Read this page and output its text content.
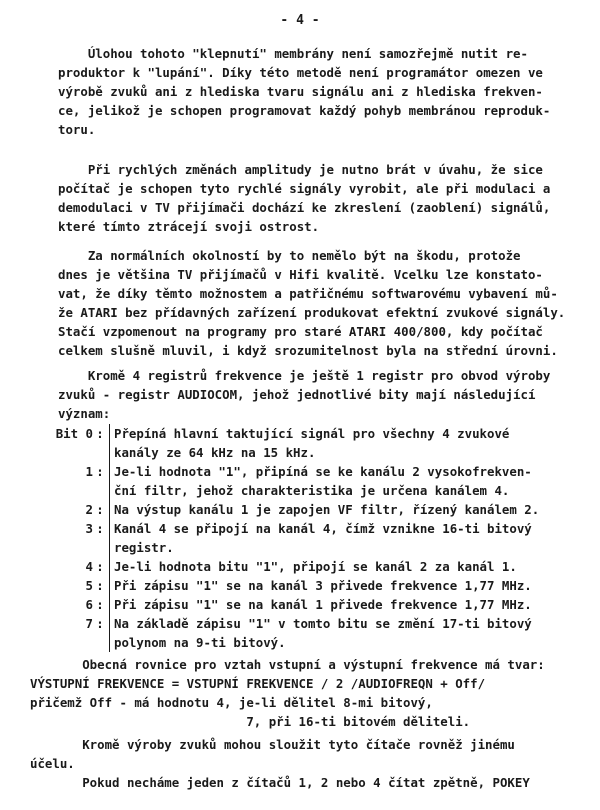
- 4 -
Úlohou tohoto "klepnutí" membrány není samozřejmě nutit re-
produktor k "lupání". Díky této metodě není programátor omezen ve
výrobě zvuků ani z hlediska tvaru signálu ani z hlediska frekven-
ce, jelikož je schopen programovat každý pohyb membránou reproduk-
toru.
Při rychlých změnách amplitudy je nutno brát v úvahu, že sice
počítač je schopen tyto rychlé signály vyrobit, ale při modulaci a
demodulaci v TV přijímači dochází ke zkreslení (zaoblení) signálů,
které tímto ztrácejí svoji ostrost.
Za normálních okolností by to nemělo být na škodu, protože
dnes je většina TV přijímačů v Hifi kvalitě. Vcelku lze konstato-
vat, že díky těmto možnostem a patřičnému softwarovému vybavení mů-
že ATARI bez přídavných zařízení produkovat efektní zvukové signály.
Stačí vzpomenout na programy pro staré ATARI 400/800, kdy počítač
celkem slušně mluvil, i když srozumitelnost byla na střední úrovni.
Kromě 4 registrů frekvence je ještě 1 registr pro obvod výroby
zvuků - registr AUDIOCOM, jehož jednotlivé bity mají následující
význam:
Bit 0 : Přepíná hlavní taktující signál pro všechny 4 zvukové
kanály ze 64 kHz na 15 kHz.
1 : Je-li hodnota "1", připíná se ke kanálu 2 vysokofrekven-
ční filtr, jehož charakteristika je určena kanálem 4.
2 : Na výstup kanálu 1 je zapojen VF filtr, řízený kanálem 2.
3 : Kanál 4 se připojí na kanál 4, čímž vznikne 16-ti bitový
registr.
4 : Je-li hodnota bitu "1", připojí se kanál 2 za kanál 1.
5 : Při zápisu "1" se na kanál 3 přivede frekvence 1,77 MHz.
6 : Při zápisu "1" se na kanál 1 přivede frekvence 1,77 MHz.
7 : Na základě zápisu "1" v tomto bitu se změní 17-ti bitový
polynom na 9-ti bitový.
Obecná rovnice pro vztah vstupní a výstupní frekvence má tvar:
VÝSTUPNÍ FREKVENCE = VSTUPNÍ FREKVENCE / 2 /AUDIOFREQN + Off/
přičemž Off - má hodnotu 4, je-li dělitel 8-mi bitový,
7, při 16-ti bitovém děliteli.
Kromě výroby zvuků mohou sloužit tyto čítače rovněž jinému
účelu.
Pokud necháme jeden z čítačů 1, 2 nebo 4 čítat zpětně, POKEY
